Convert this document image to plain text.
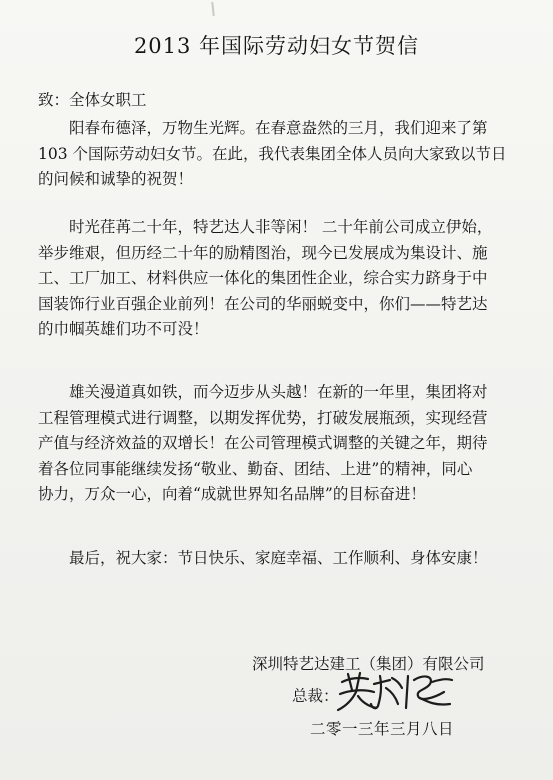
2013 年国际劳动妇女节贺信
致：全体女职工
　　阳春布德泽，万物生光辉。在春意盎然的三月，我们迎来了第
103 个国际劳动妇女节。在此，我代表集团全体人员向大家致以节日
的问候和诚挚的祝贺！
　　时光荏苒二十年，特艺达人非等闲！ 二十年前公司成立伊始，
举步维艰，但历经二十年的励精图治，现今已发展成为集设计、施
工、工厂加工、材料供应一体化的集团性企业，综合实力跻身于中
国装饰行业百强企业前列！在公司的华丽蜕变中，你们——特艺达
的巾帼英雄们功不可没！
　　雄关漫道真如铁，而今迈步从头越！在新的一年里，集团将对
工程管理模式进行调整，以期发挥优势，打破发展瓶颈，实现经营
产值与经济效益的双增长！在公司管理模式调整的关键之年，期待
着各位同事能继续发扬“敬业、勤奋、团结、上进”的精神，同心
协力，万众一心，向着“成就世界知名品牌”的目标奋进！
　　最后，祝大家：节日快乐、家庭幸福、工作顺利、身体安康！
深圳特艺达建工（集团）有限公司
总裁：
二零一三年三月八日
